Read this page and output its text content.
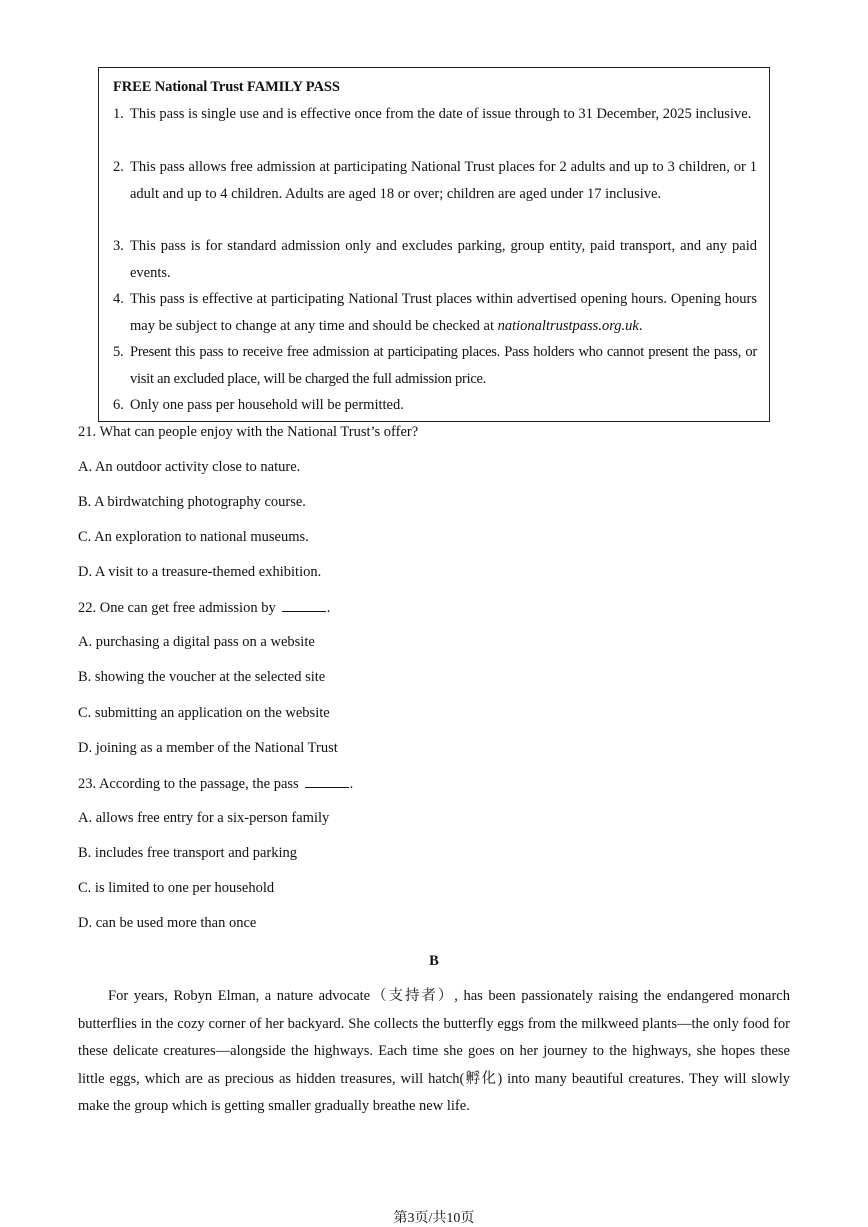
FREE National Trust FAMILY PASS
1. This pass is single use and is effective once from the date of issue through to 31 December, 2025 inclusive.
2. This pass allows free admission at participating National Trust places for 2 adults and up to 3 children, or 1 adult and up to 4 children. Adults are aged 18 or over; children are aged under 17 inclusive.
3. This pass is for standard admission only and excludes parking, group entity, paid transport, and any paid events.
4. This pass is effective at participating National Trust places within advertised opening hours. Opening hours may be subject to change at any time and should be checked at nationaltrustpass.org.uk.
5. Present this pass to receive free admission at participating places. Pass holders who cannot present the pass, or visit an excluded place, will be charged the full admission price.
6. Only one pass per household will be permitted.
21. What can people enjoy with the National Trust’s offer?
A. An outdoor activity close to nature.
B. A birdwatching photography course.
C. An exploration to national museums.
D. A visit to a treasure-themed exhibition.
22. One can get free admission by	.
A. purchasing a digital pass on a website
B. showing the voucher at the selected site
C. submitting an application on the website
D. joining as a member of the National Trust
23. According to the passage, the pass	.
A. allows free entry for a six-person family
B. includes free transport and parking
C. is limited to one per household
D. can be used more than once
B
For years, Robyn Elman, a nature advocate（支持者）, has been passionately raising the endangered monarch butterflies in the cozy corner of her backyard. She collects the butterfly eggs from the milkweed plants—the only food for these delicate creatures—alongside the highways. Each time she goes on her journey to the highways, she hopes these little eggs, which are as precious as hidden treasures, will hatch(孵化) into many beautiful creatures. They will slowly make the group which is getting smaller gradually breathe new life.
第3页/共10页
